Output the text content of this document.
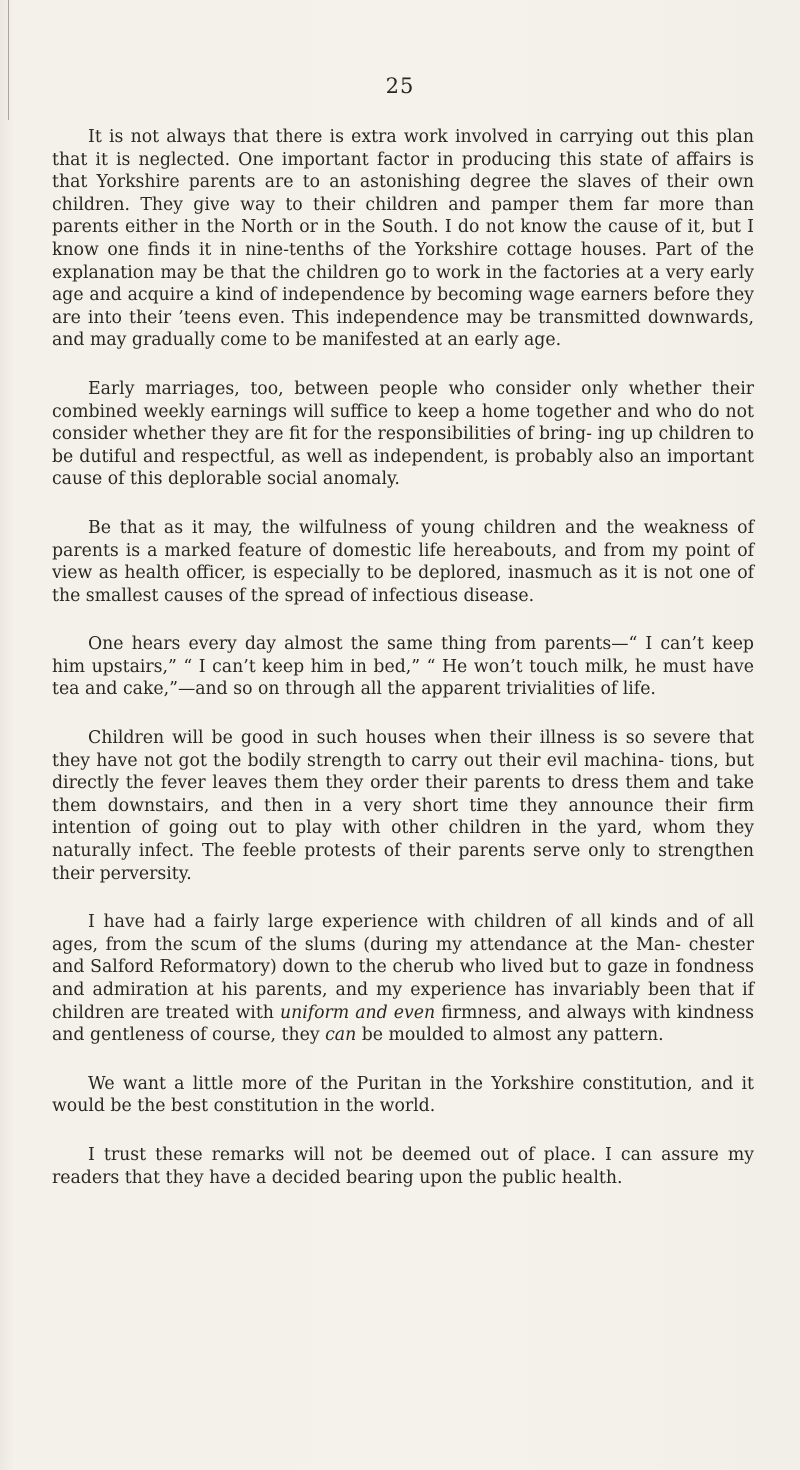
25

It is not always that there is extra work involved in carrying out this plan that it is neglected. One important factor in producing this state of affairs is that Yorkshire parents are to an astonishing degree the slaves of their own children. They give way to their children and pamper them far more than parents either in the North or in the South. I do not know the cause of it, but I know one finds it in nine-tenths of the Yorkshire cottage houses. Part of the explanation may be that the children go to work in the factories at a very early age and acquire a kind of independence by becoming wage earners before they are into their ’teens even. This independence may be transmitted downwards, and may gradually come to be manifested at an early age.

Early marriages, too, between people who consider only whether their combined weekly earnings will suffice to keep a home together and who do not consider whether they are fit for the responsibilities of bring- ing up children to be dutiful and respectful, as well as independent, is probably also an important cause of this deplorable social anomaly.

Be that as it may, the wilfulness of young children and the weakness of parents is a marked feature of domestic life hereabouts, and from my point of view as health officer, is especially to be deplored, inasmuch as it is not one of the smallest causes of the spread of infectious disease.

One hears every day almost the same thing from parents—“ I can’t keep him upstairs,” “ I can’t keep him in bed,” “ He won’t touch milk, he must have tea and cake,”—and so on through all the apparent trivialities of life.

Children will be good in such houses when their illness is so severe that they have not got the bodily strength to carry out their evil machina- tions, but directly the fever leaves them they order their parents to dress them and take them downstairs, and then in a very short time they announce their firm intention of going out to play with other children in the yard, whom they naturally infect. The feeble protests of their parents serve only to strengthen their perversity.

I have had a fairly large experience with children of all kinds and of all ages, from the scum of the slums (during my attendance at the Man- chester and Salford Reformatory) down to the cherub who lived but to gaze in fondness and admiration at his parents, and my experience has invariably been that if children are treated with uniform and even firmness, and always with kindness and gentleness of course, they can be moulded to almost any pattern.

We want a little more of the Puritan in the Yorkshire constitution, and it would be the best constitution in the world.

I trust these remarks will not be deemed out of place. I can assure my readers that they have a decided bearing upon the public health.
